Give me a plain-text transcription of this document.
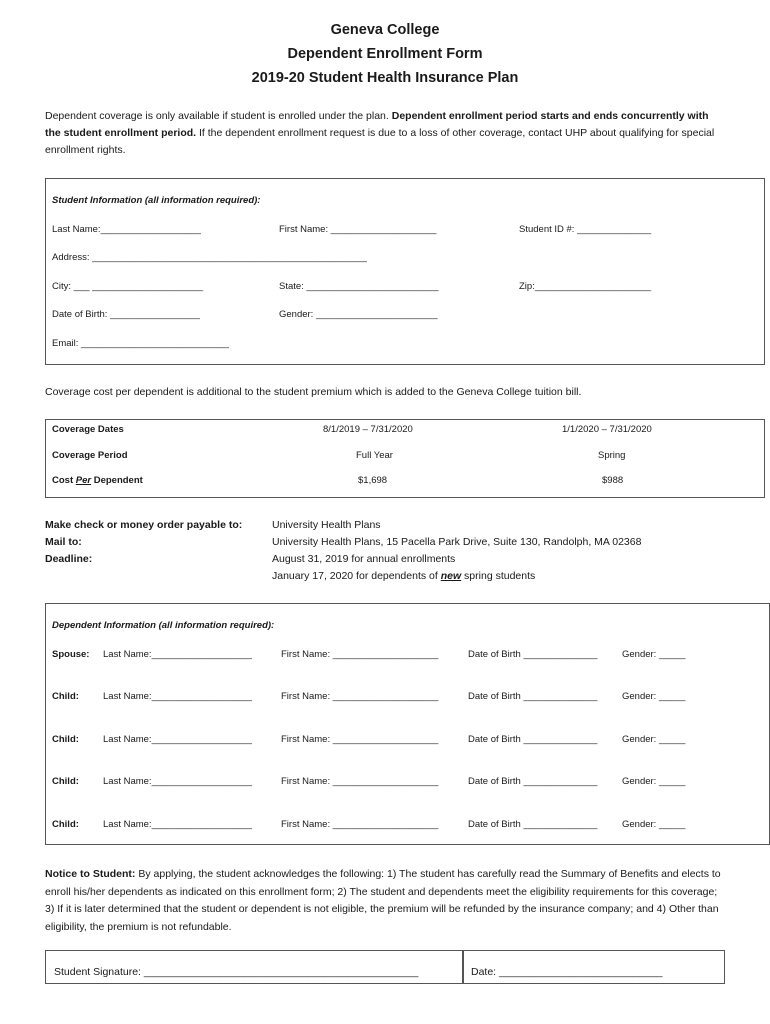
Geneva College
Dependent Enrollment Form
2019-20 Student Health Insurance Plan
Dependent coverage is only available if student is enrolled under the plan. Dependent enrollment period starts and ends concurrently with the student enrollment period. If the dependent enrollment request is due to a loss of other coverage, contact UHP about qualifying for special enrollment rights.
Student Information (all information required):
Last Name:___________________	First Name: ____________________	Student ID #: ______________
Address: ____________________________________________________
City: ___ _____________________	State: _________________________	Zip:______________________
Date of Birth: _________________	Gender: _______________________
Email: ____________________________
Coverage cost per dependent is additional to the student premium which is added to the Geneva College tuition bill.
Coverage Dates	8/1/2019 – 7/31/2020	1/1/2020 – 7/31/2020
Coverage Period	Full Year	Spring
Cost Per Dependent	$1,698	$988
Make check or money order payable to:	University Health Plans
Mail to:	University Health Plans, 15 Pacella Park Drive, Suite 130, Randolph, MA 02368
Deadline:	August 31, 2019 for annual enrollments
January 17, 2020 for dependents of new spring students
Dependent Information (all information required):
Spouse: Last Name:___________________	First Name: ____________________	Date of Birth ______________	Gender: _____
Child:	Last Name:___________________	First Name: ____________________	Date of Birth ______________	Gender: _____
Child:	Last Name:___________________	First Name: ____________________	Date of Birth ______________	Gender: _____
Child:	Last Name:___________________	First Name: ____________________	Date of Birth ______________	Gender: _____
Child:	Last Name:___________________	First Name: ____________________	Date of Birth ______________	Gender: _____
Notice to Student: By applying, the student acknowledges the following: 1) The student has carefully read the Summary of Benefits and elects to enroll his/her dependents as indicated on this enrollment form; 2) The student and dependents meet the eligibility requirements for this coverage; 3) If it is later determined that the student or dependent is not eligible, the premium will be refunded by the insurance company; and 4) Other than eligibility, the premium is not refundable.
Student Signature: _______________________________________________	Date: ____________________________
